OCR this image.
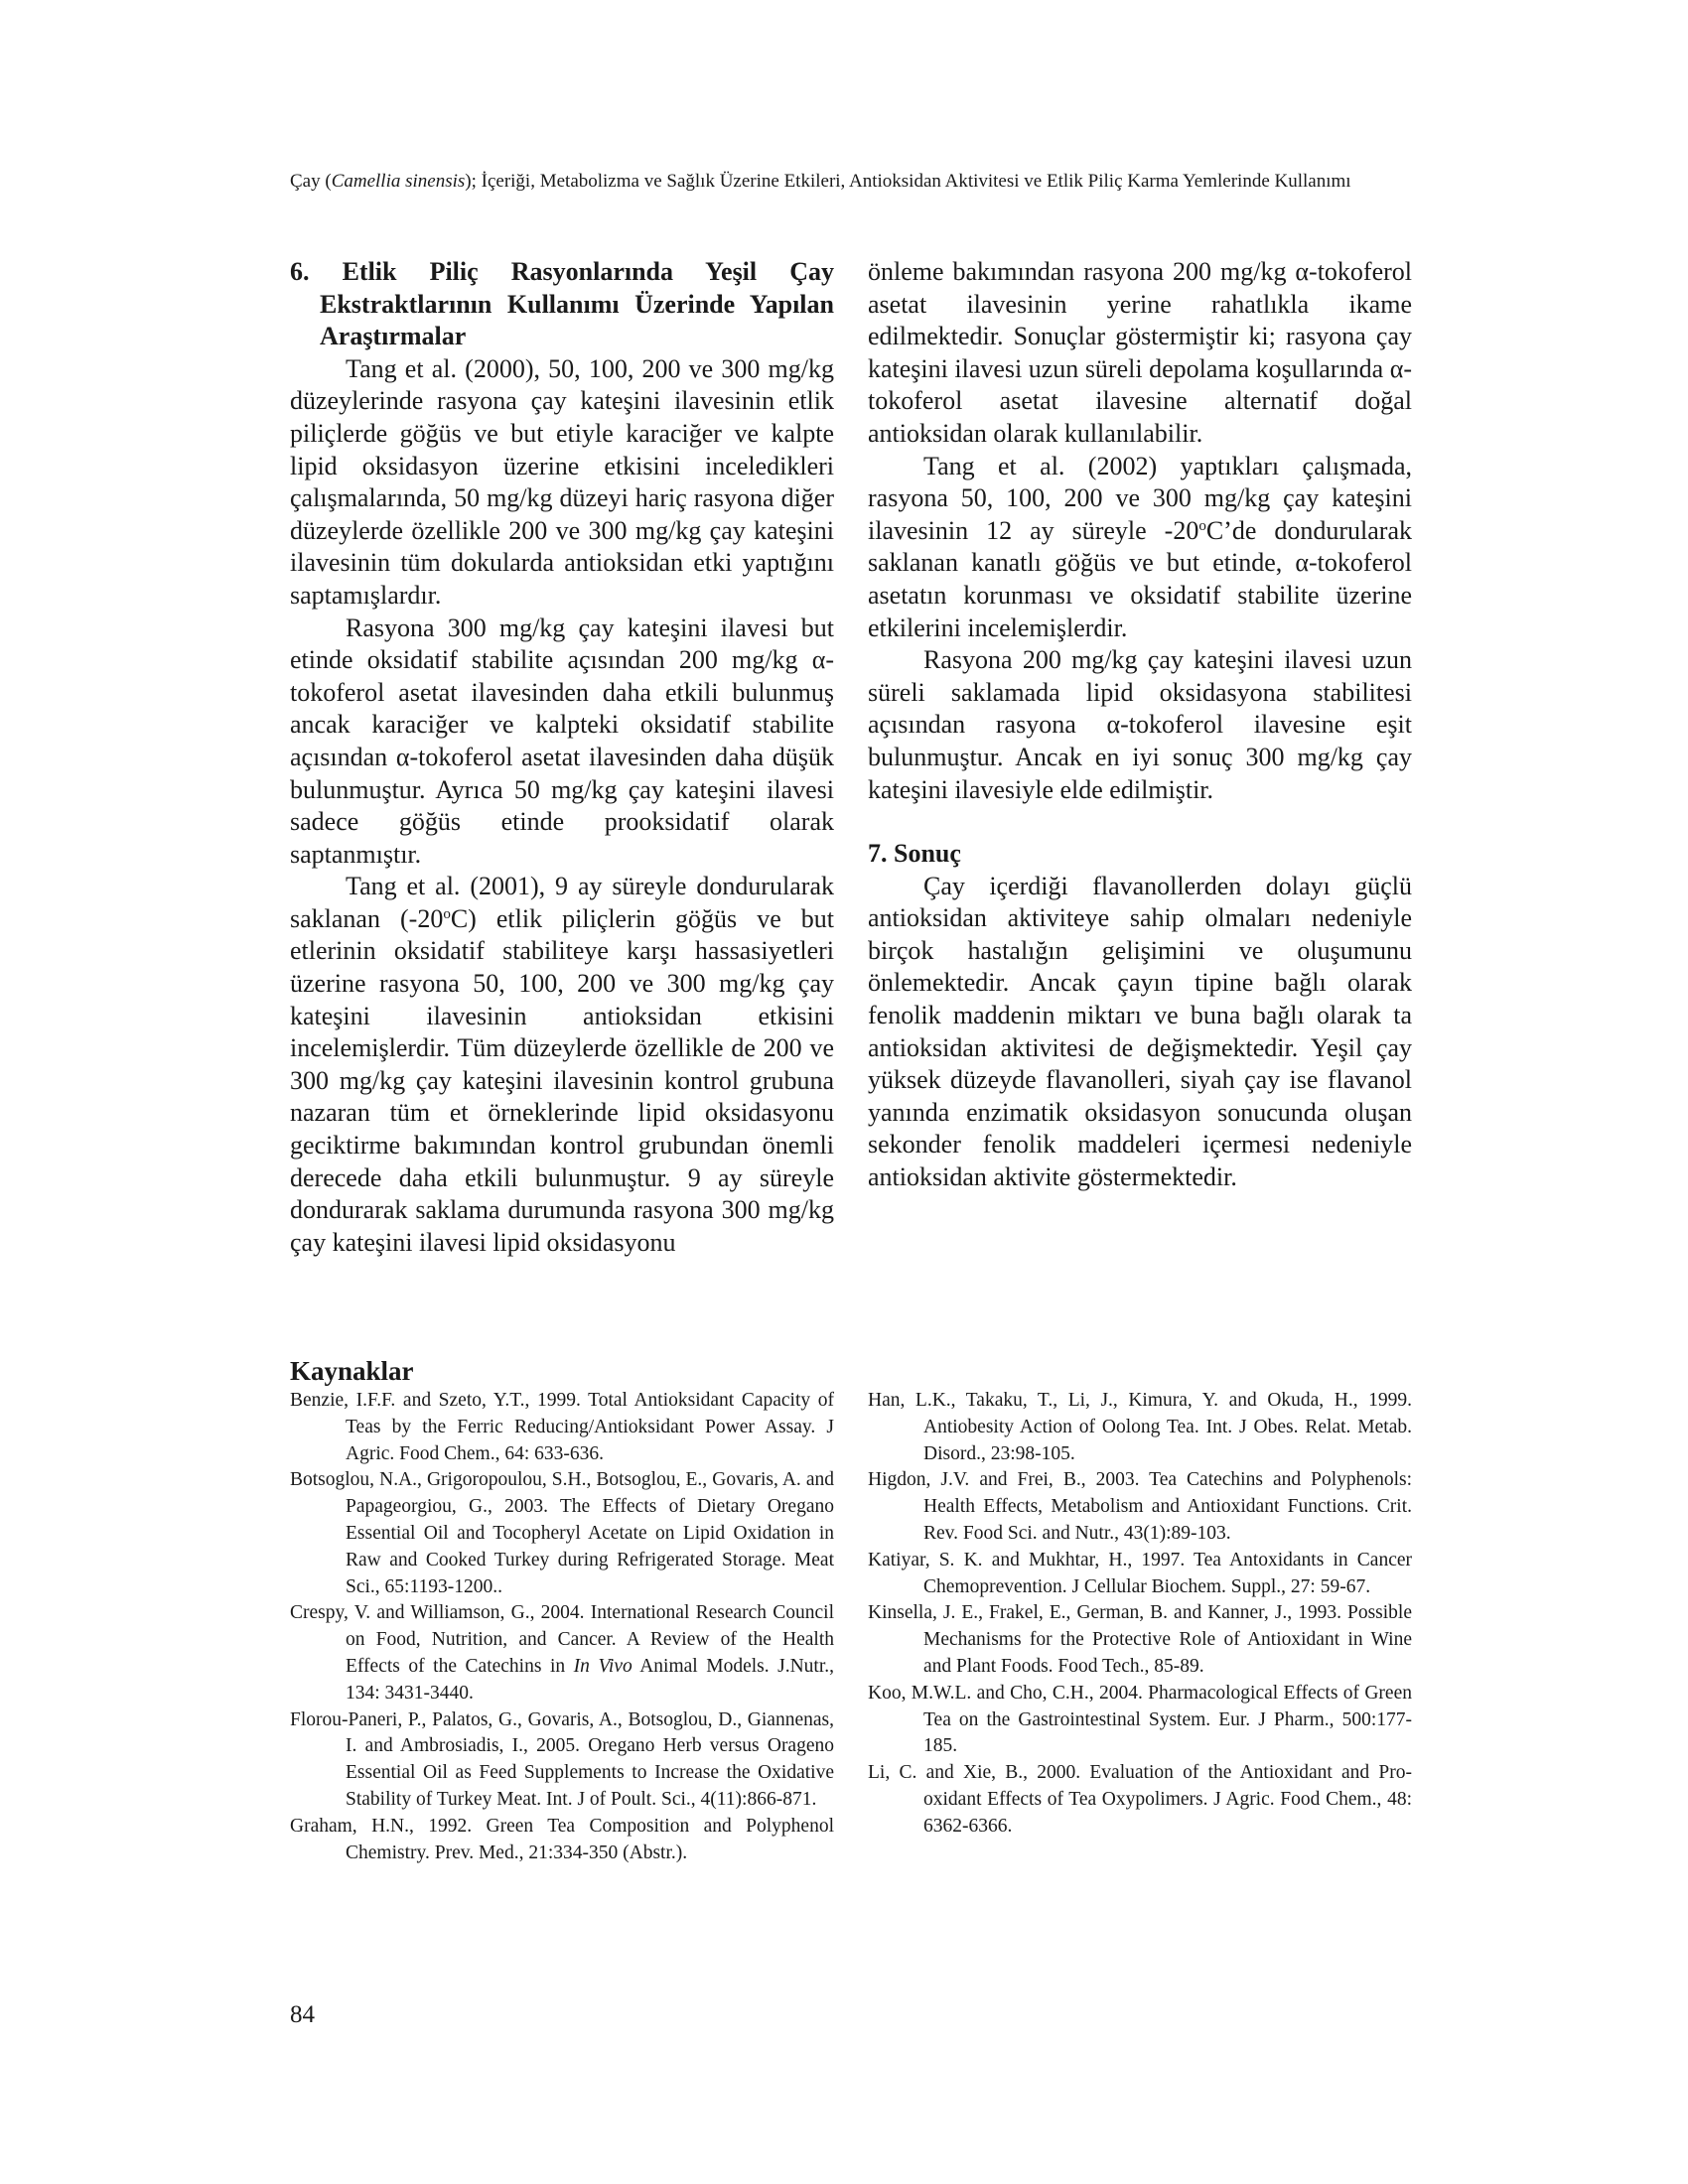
Çay (Camellia sinensis); İçeriği, Metabolizma ve Sağlık Üzerine Etkileri, Antioksidan Aktivitesi ve Etlik Piliç Karma Yemlerinde Kullanımı

6. Etlik Piliç Rasyonlarında Yeşil Çay Ekstraktlarının Kullanımı Üzerinde Yapılan Araştırmalar

Tang et al. (2000), 50, 100, 200 ve 300 mg/kg düzeylerinde rasyona çay kateşini ilavesinin etlik piliçlerde göğüs ve but etiyle karaciğer ve kalpte lipid oksidasyon üzerine etkisini inceledikleri çalışmalarında, 50 mg/kg düzeyi hariç rasyona diğer düzeylerde özellikle 200 ve 300 mg/kg çay kateşini ilavesinin tüm dokularda antioksidan etki yaptığını saptamışlardır.

Rasyona 300 mg/kg çay kateşini ilavesi but etinde oksidatif stabilite açısından 200 mg/kg α-tokoferol asetat ilavesinden daha etkili bulunmuş ancak karaciğer ve kalpteki oksidatif stabilite açısından α-tokoferol asetat ilavesinden daha düşük bulunmuştur. Ayrıca 50 mg/kg çay kateşini ilavesi sadece göğüs etinde prooksidatif olarak saptanmıştır.

Tang et al. (2001), 9 ay süreyle dondurularak saklanan (-20$^o$C) etlik piliçlerin göğüs ve but etlerinin oksidatif stabiliteye karşı hassasiyetleri üzerine rasyona 50, 100, 200 ve 300 mg/kg çay kateşini ilavesinin antioksidan etkisini incelemişlerdir. Tüm düzeylerde özellikle de 200 ve 300 mg/kg çay kateşini ilavesinin kontrol grubuna nazaran tüm et örneklerinde lipid oksidasyonu geciktirme bakımından kontrol grubundan önemli derecede daha etkili bulunmuştur. 9 ay süreyle dondurarak saklama durumunda rasyona 300 mg/kg çay kateşini ilavesi lipid oksidasyonu

önleme bakımından rasyona 200 mg/kg α-tokoferol asetat ilavesinin yerine rahatlıkla ikame edilmektedir. Sonuçlar göstermiştir ki; rasyona çay kateşini ilavesi uzun süreli depolama koşullarında α-tokoferol asetat ilavesine alternatif doğal antioksidan olarak kullanılabilir.

Tang et al. (2002) yaptıkları çalışmada, rasyona 50, 100, 200 ve 300 mg/kg çay kateşini ilavesinin 12 ay süreyle -20$^o$C’de dondurularak saklanan kanatlı göğüs ve but etinde, α-tokoferol asetatın korunması ve oksidatif stabilite üzerine etkilerini incelemişlerdir.

Rasyona 200 mg/kg çay kateşini ilavesi uzun süreli saklamada lipid oksidasyona stabilitesi açısından rasyona α-tokoferol ilavesine eşit bulunmuştur. Ancak en iyi sonuç 300 mg/kg çay kateşini ilavesiyle elde edilmiştir.

7. Sonuç

Çay içerdiği flavanollerden dolayı güçlü antioksidan aktiviteye sahip olmaları nedeniyle birçok hastalığın gelişimini ve oluşumunu önlemektedir. Ancak çayın tipine bağlı olarak fenolik maddenin miktarı ve buna bağlı olarak ta antioksidan aktivitesi de değişmektedir. Yeşil çay yüksek düzeyde flavanolleri, siyah çay ise flavanol yanında enzimatik oksidasyon sonucunda oluşan sekonder fenolik maddeleri içermesi nedeniyle antioksidan aktivite göstermektedir.

Kaynaklar

Benzie, I.F.F. and Szeto, Y.T., 1999. Total Antioksidant Capacity of Teas by the Ferric Reducing/Antioksidant Power Assay. J Agric. Food Chem., 64: 633-636.

Botsoglou, N.A., Grigoropoulou, S.H., Botsoglou, E., Govaris, A. and Papageorgiou, G., 2003. The Effects of Dietary Oregano Essential Oil and Tocopheryl Acetate on Lipid Oxidation in Raw and Cooked Turkey during Refrigerated Storage. Meat Sci., 65:1193-1200..

Crespy, V. and Williamson, G., 2004. International Research Council on Food, Nutrition, and Cancer. A Review of the Health Effects of the Catechins in In Vivo Animal Models. J.Nutr., 134: 3431-3440.

Florou-Paneri, P., Palatos, G., Govaris, A., Botsoglou, D., Giannenas, I. and Ambrosiadis, I., 2005. Oregano Herb versus Orageno Essential Oil as Feed Supplements to Increase the Oxidative Stability of Turkey Meat. Int. J of Poult. Sci., 4(11):866-871.

Graham, H.N., 1992. Green Tea Composition and Polyphenol Chemistry. Prev. Med., 21:334-350 (Abstr.).

Han, L.K., Takaku, T., Li, J., Kimura, Y. and Okuda, H., 1999. Antiobesity Action of Oolong Tea. Int. J Obes. Relat. Metab. Disord., 23:98-105.

Higdon, J.V. and Frei, B., 2003. Tea Catechins and Polyphenols: Health Effects, Metabolism and Antioxidant Functions. Crit. Rev. Food Sci. and Nutr., 43(1):89-103.

Katiyar, S. K. and Mukhtar, H., 1997. Tea Antoxidants in Cancer Chemoprevention. J Cellular Biochem. Suppl., 27: 59-67.

Kinsella, J. E., Frakel, E., German, B. and Kanner, J., 1993. Possible Mechanisms for the Protective Role of Antioxidant in Wine and Plant Foods. Food Tech., 85-89.

Koo, M.W.L. and Cho, C.H., 2004. Pharmacological Effects of Green Tea on the Gastrointestinal System. Eur. J Pharm., 500:177-185.

Li, C. and Xie, B., 2000. Evaluation of the Antioxidant and Pro-oxidant Effects of Tea Oxypolimers. J Agric. Food Chem., 48: 6362-6366.

84
